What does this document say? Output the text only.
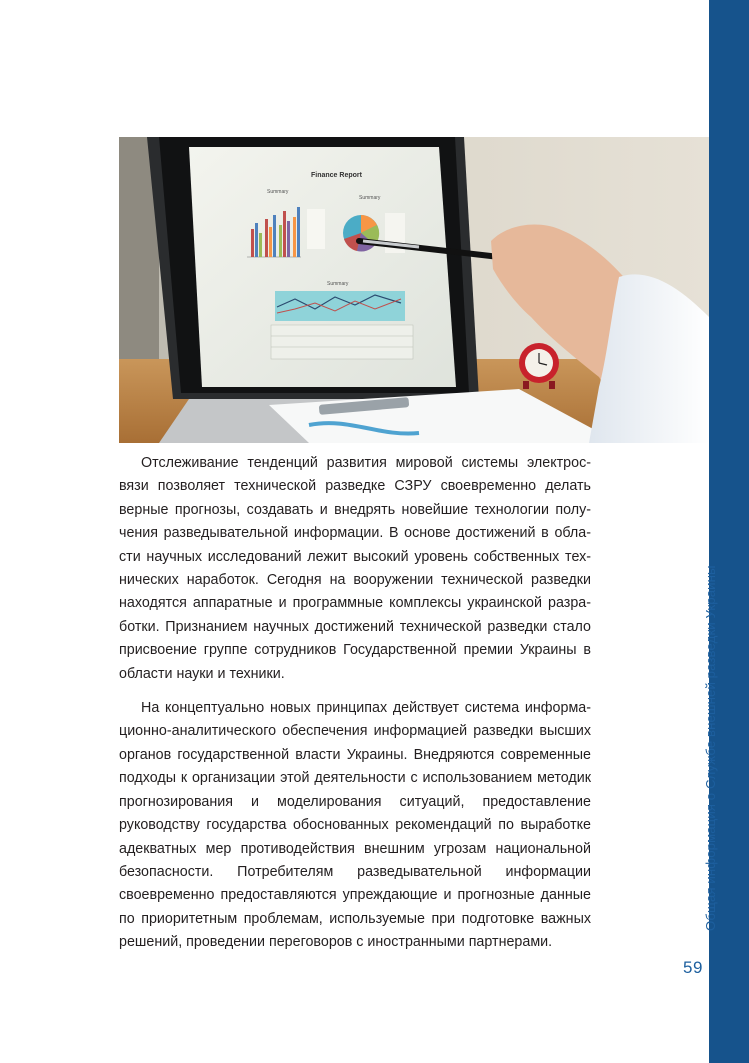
Общая информация о Службе внешней разведки Украины
59
Finance Report
Summary
Summary
Summary

Отслеживание тенденций развития мировой системы электросвязи позволяет технической разведке СЗРУ своевременно делать верные прогнозы, создавать и внедрять новейшие технологии получения разведывательной информации. В основе достижений в области научных исследований лежит высокий уровень собственных технических наработок. Сегодня на вооружении технической разведки находятся аппаратные и программные комплексы украинской разработки. Признанием научных достижений технической разведки стало присвоение группе сотрудников Государственной премии Украины в области науки и техники.

На концептуально новых принципах действует система информационно-аналитического обеспечения информацией разведки высших органов государственной власти Украины. Внедряются современные подходы к организации этой деятельности с использованием методик прогнозирования и моделирования ситуаций, предоставление руководству государства обоснованных рекомендаций по выработке адекватных мер противодействия внешним угрозам национальной безопасности. Потребителям разведывательной информации своевременно предоставляются упреждающие и прогнозные данные по приоритетным проблемам, используемые при подготовке важных решений, проведении переговоров с иностранными партнерами.
